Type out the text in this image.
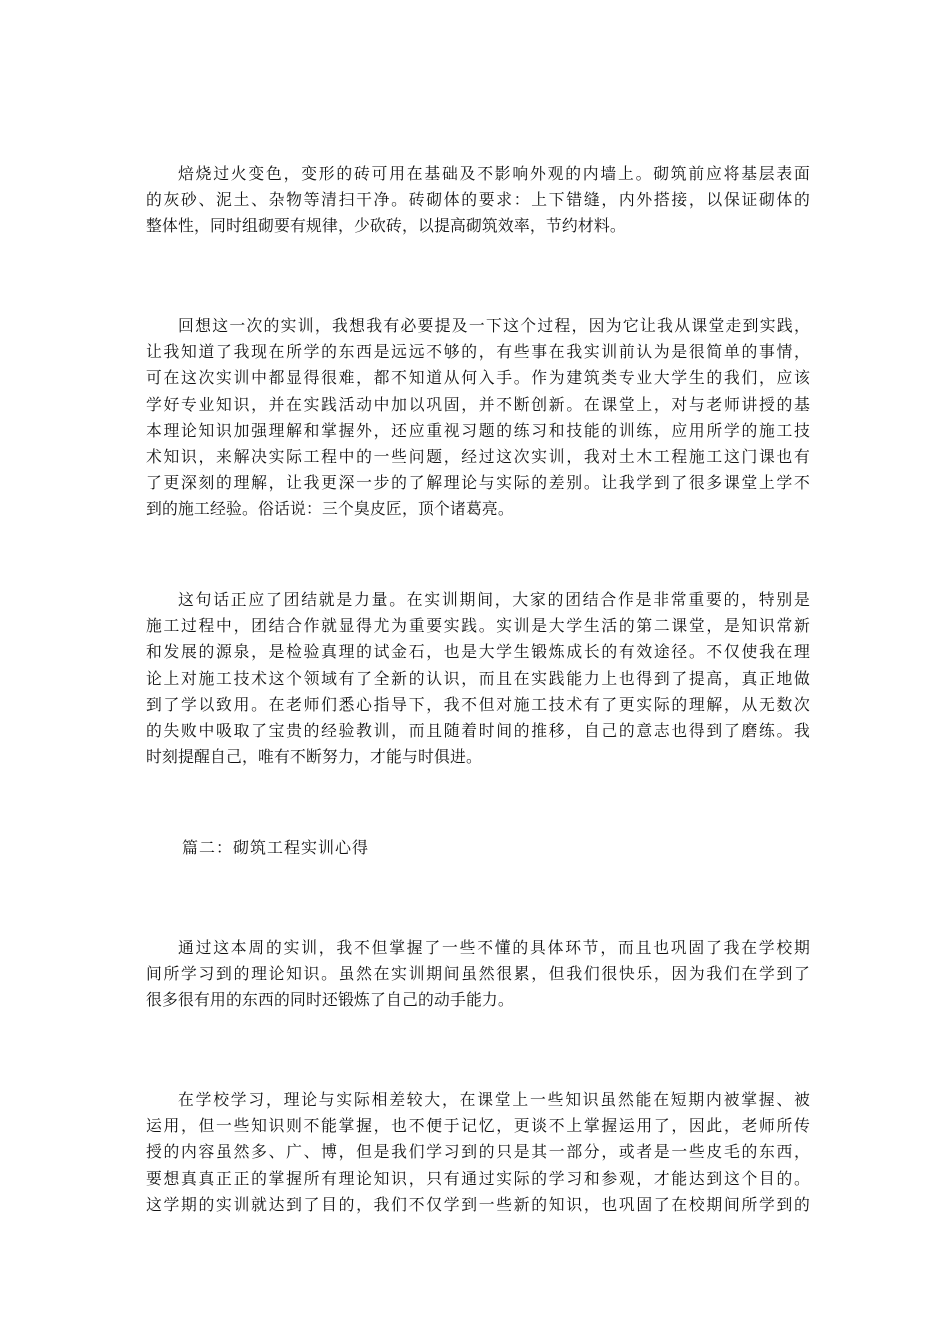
焙烧过火变色，变形的砖可用在基础及不影响外观的内墙上。砌筑前应将基层表面
的灰砂、泥土、杂物等清扫干净。砖砌体的要求：上下错缝，内外搭接，以保证砌体的
整体性，同时组砌要有规律，少砍砖，以提高砌筑效率，节约材料。
回想这一次的实训，我想我有必要提及一下这个过程，因为它让我从课堂走到实践，
让我知道了我现在所学的东西是远远不够的，有些事在我实训前认为是很简单的事情，
可在这次实训中都显得很难，都不知道从何入手。作为建筑类专业大学生的我们，应该
学好专业知识，并在实践活动中加以巩固，并不断创新。在课堂上，对与老师讲授的基
本理论知识加强理解和掌握外，还应重视习题的练习和技能的训练，应用所学的施工技
术知识，来解决实际工程中的一些问题，经过这次实训，我对土木工程施工这门课也有
了更深刻的理解，让我更深一步的了解理论与实际的差别。让我学到了很多课堂上学不
到的施工经验。俗话说：三个臭皮匠，顶个诸葛亮。
这句话正应了团结就是力量。在实训期间，大家的团结合作是非常重要的，特别是
施工过程中，团结合作就显得尤为重要实践。实训是大学生活的第二课堂，是知识常新
和发展的源泉，是检验真理的试金石，也是大学生锻炼成长的有效途径。不仅使我在理
论上对施工技术这个领域有了全新的认识，而且在实践能力上也得到了提高，真正地做
到了学以致用。在老师们悉心指导下，我不但对施工技术有了更实际的理解，从无数次
的失败中吸取了宝贵的经验教训，而且随着时间的推移，自己的意志也得到了磨练。我
时刻提醒自己，唯有不断努力，才能与时俱进。
篇二：砌筑工程实训心得
通过这本周的实训，我不但掌握了一些不懂的具体环节，而且也巩固了我在学校期
间所学习到的理论知识。虽然在实训期间虽然很累，但我们很快乐，因为我们在学到了
很多很有用的东西的同时还锻炼了自己的动手能力。
在学校学习，理论与实际相差较大，在课堂上一些知识虽然能在短期内被掌握、被
运用，但一些知识则不能掌握，也不便于记忆，更谈不上掌握运用了，因此，老师所传
授的内容虽然多、广、博，但是我们学习到的只是其一部分，或者是一些皮毛的东西，
要想真真正正的掌握所有理论知识，只有通过实际的学习和参观，才能达到这个目的。
这学期的实训就达到了目的，我们不仅学到一些新的知识，也巩固了在校期间所学到的
